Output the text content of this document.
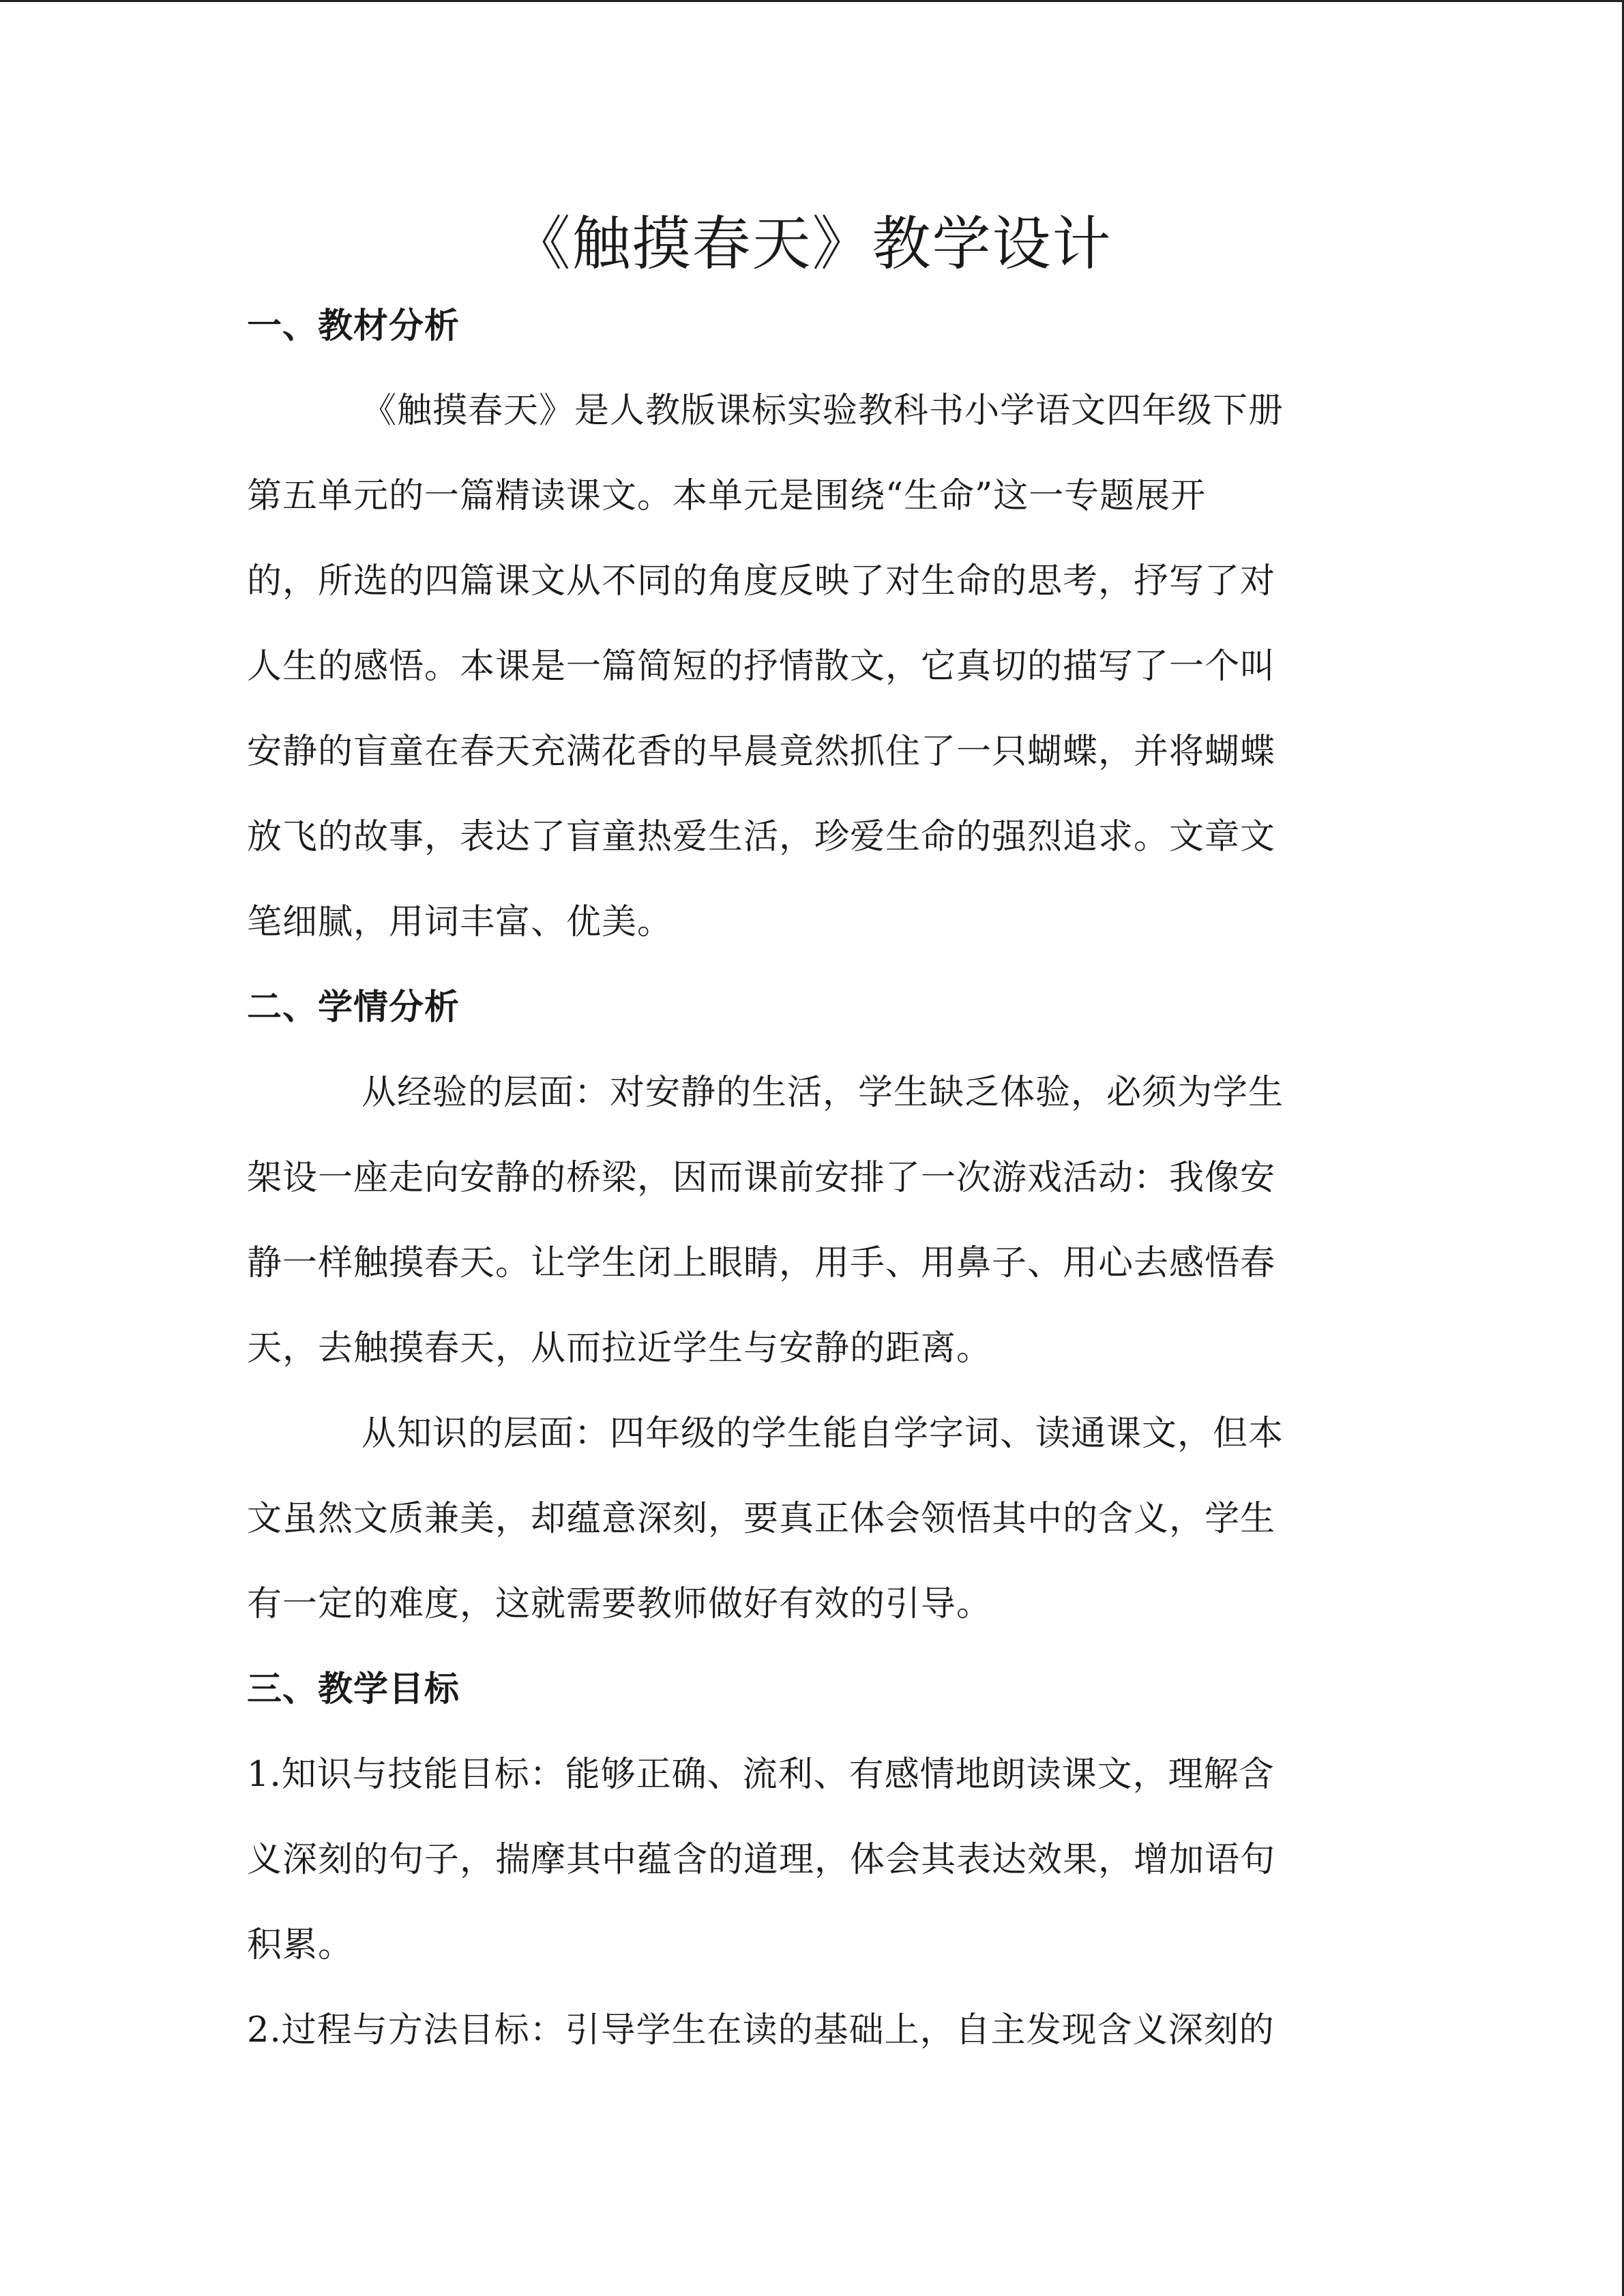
《触摸春天》教学设计
一、教材分析
《触摸春天》是人教版课标实验教科书小学语文四年级下册
第五单元的一篇精读课文。本单元是围绕“生命”这一专题展开
的，所选的四篇课文从不同的角度反映了对生命的思考，抒写了对
人生的感悟。本课是一篇简短的抒情散文，它真切的描写了一个叫
安静的盲童在春天充满花香的早晨竟然抓住了一只蝴蝶，并将蝴蝶
放飞的故事，表达了盲童热爱生活，珍爱生命的强烈追求。文章文
笔细腻，用词丰富、优美。
二、学情分析
从经验的层面：对安静的生活，学生缺乏体验，必须为学生
架设一座走向安静的桥梁，因而课前安排了一次游戏活动：我像安
静一样触摸春天。让学生闭上眼睛，用手、用鼻子、用心去感悟春
天，去触摸春天，从而拉近学生与安静的距离。
从知识的层面：四年级的学生能自学字词、读通课文，但本
文虽然文质兼美，却蕴意深刻，要真正体会领悟其中的含义，学生
有一定的难度，这就需要教师做好有效的引导。
三、教学目标
1.知识与技能目标：能够正确、流利、有感情地朗读课文，理解含
义深刻的句子，揣摩其中蕴含的道理，体会其表达效果，增加语句
积累。
2.过程与方法目标：引导学生在读的基础上，自主发现含义深刻的
